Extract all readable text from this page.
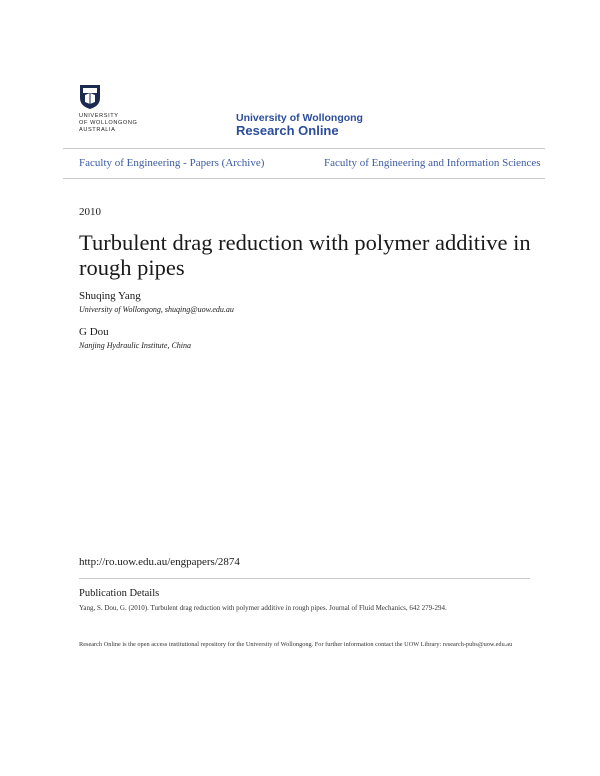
UNIVERSITY
OF WOLLONGONG
AUSTRALIA
University of Wollongong
Research Online
Faculty of Engineering - Papers (Archive)	Faculty of Engineering and Information Sciences
2010
Turbulent drag reduction with polymer additive in rough pipes
Shuqing Yang
University of Wollongong, shuqing@uow.edu.au
G Dou
Nanjing Hydraulic Institute, China
http://ro.uow.edu.au/engpapers/2874
Publication Details
Yang, S. Dou, G. (2010). Turbulent drag reduction with polymer additive in rough pipes. Journal of Fluid Mechanics, 642 279-294.
Research Online is the open access institutional repository for the University of Wollongong. For further information contact the UOW Library: research-pubs@uow.edu.au
